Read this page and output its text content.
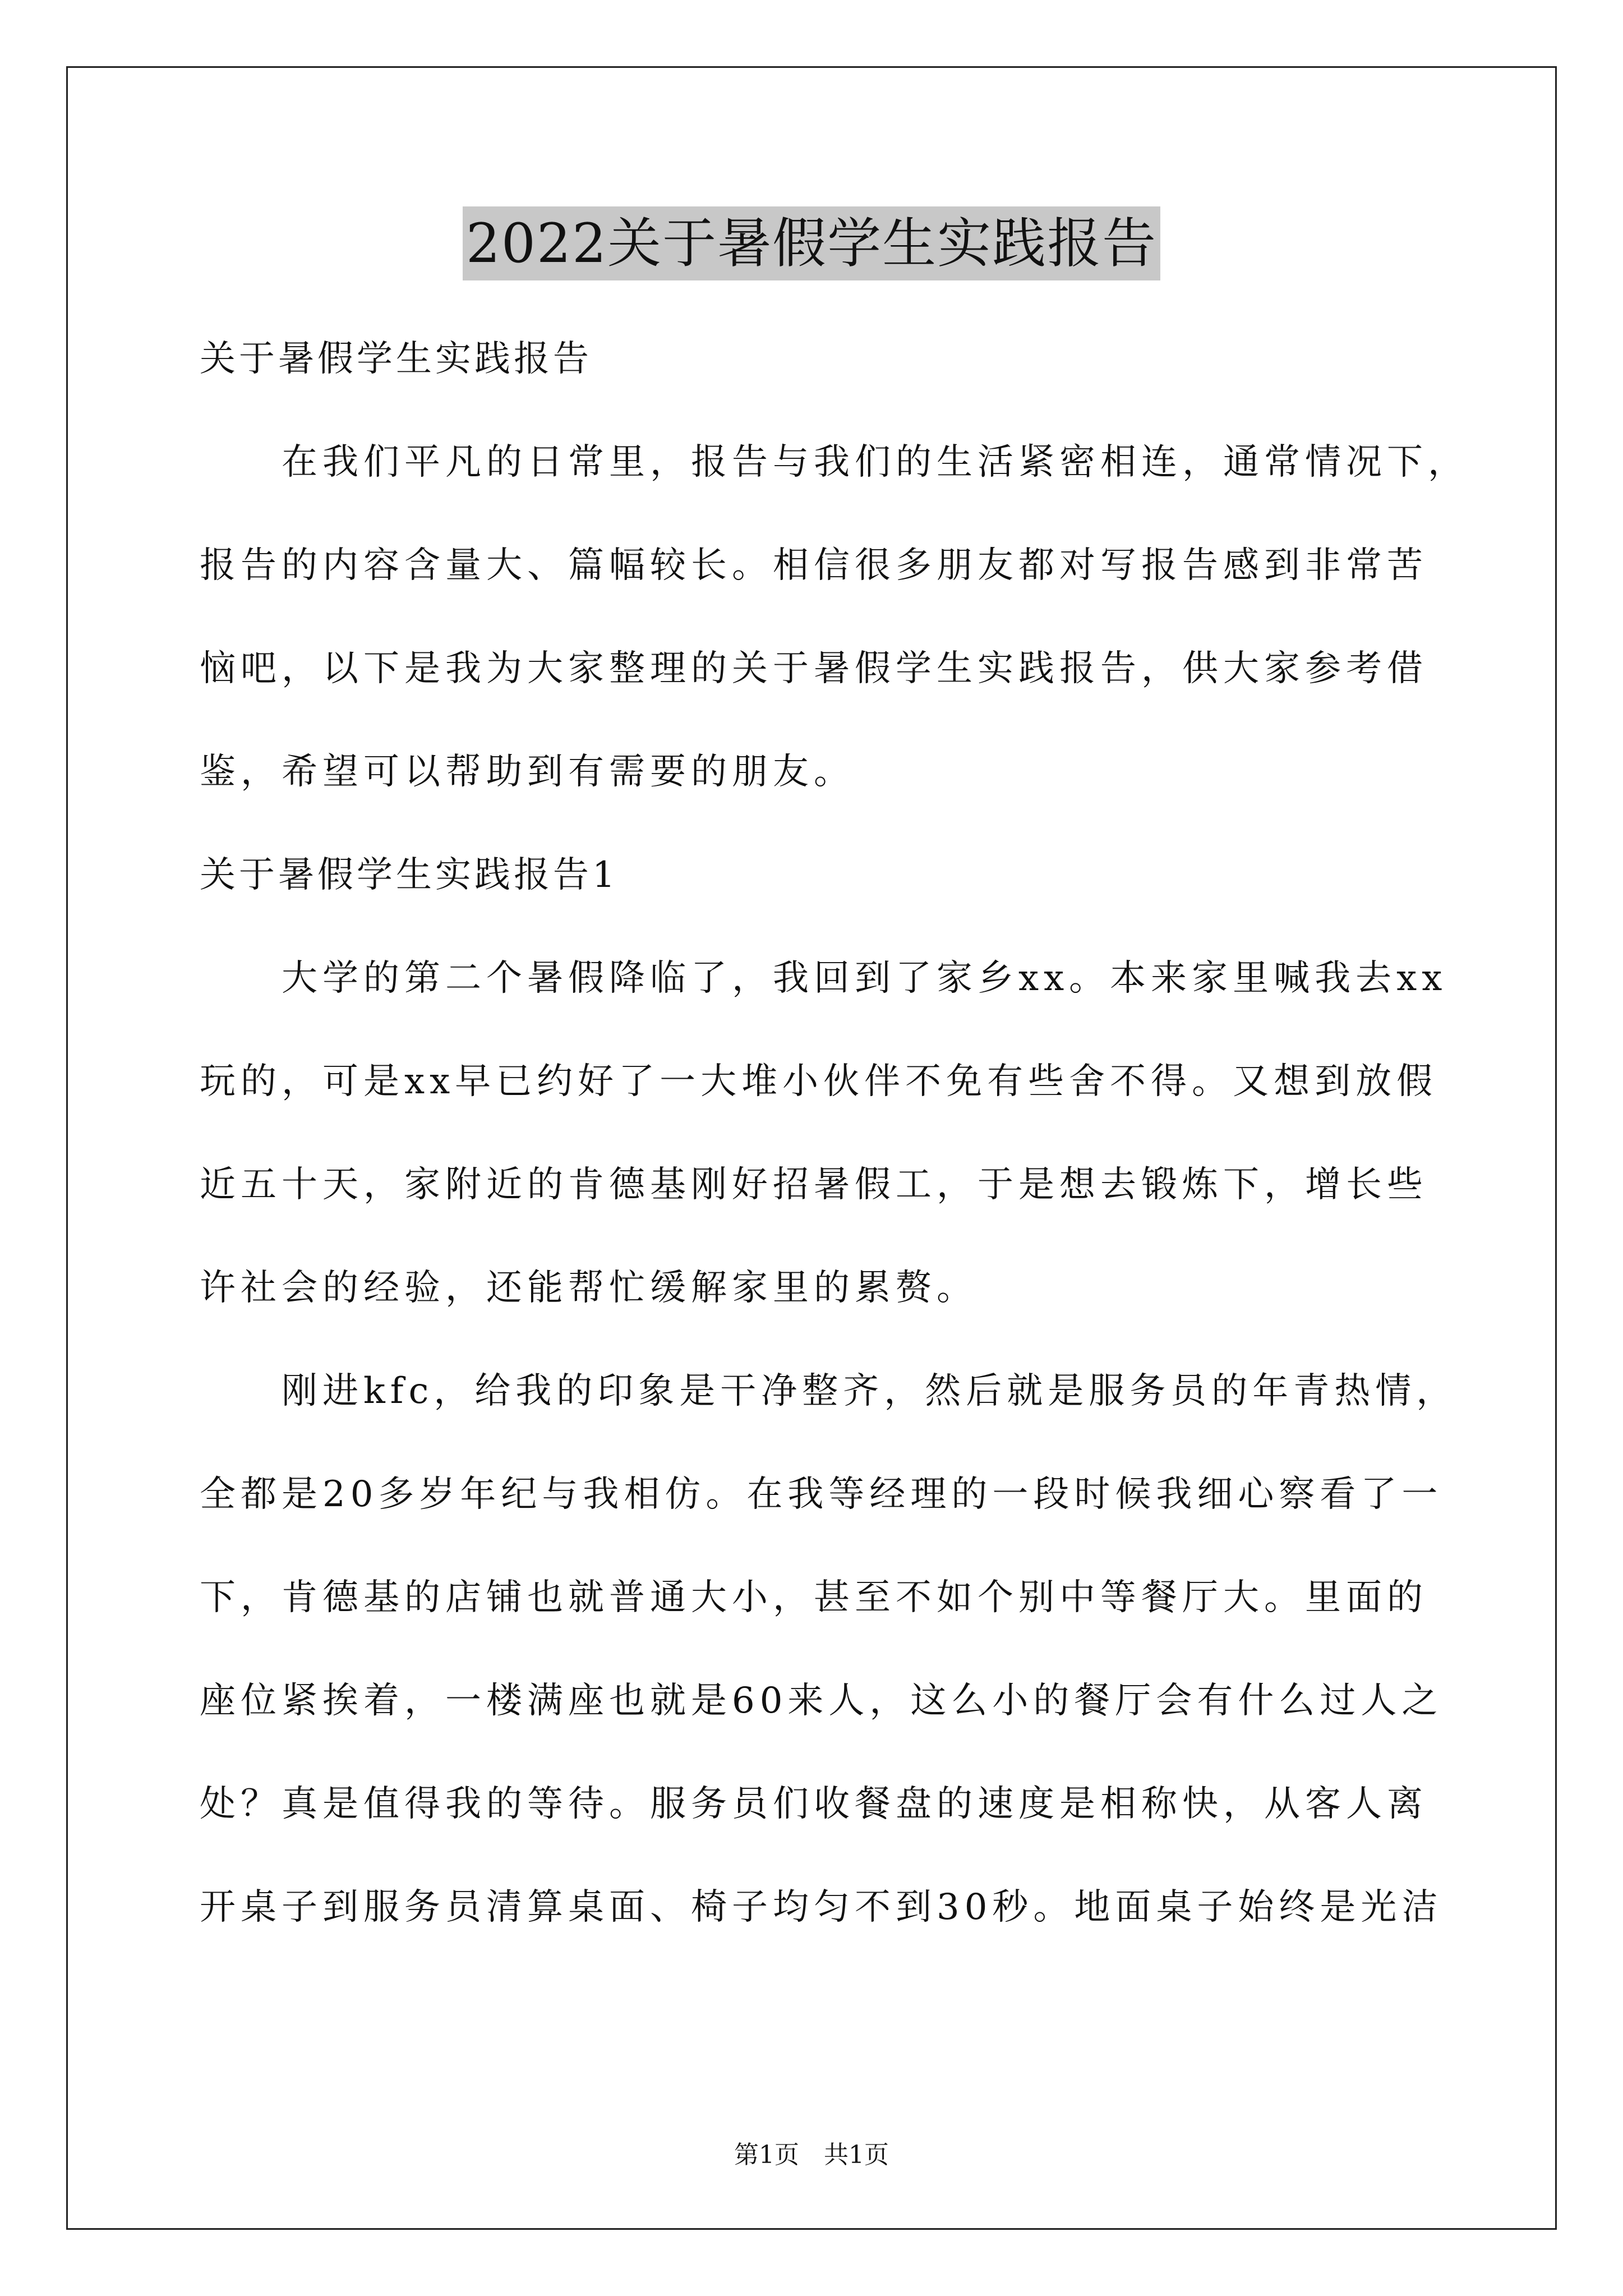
2022关于暑假学生实践报告
关于暑假学生实践报告
　　在我们平凡的日常里，报告与我们的生活紧密相连，通常情况下，
报告的内容含量大、篇幅较长。相信很多朋友都对写报告感到非常苦
恼吧，以下是我为大家整理的关于暑假学生实践报告，供大家参考借
鉴，希望可以帮助到有需要的朋友。
关于暑假学生实践报告1
　　大学的第二个暑假降临了，我回到了家乡xx。本来家里喊我去xx
玩的，可是xx早已约好了一大堆小伙伴不免有些舍不得。又想到放假
近五十天，家附近的肯德基刚好招暑假工，于是想去锻炼下，增长些
许社会的经验，还能帮忙缓解家里的累赘。
　　刚进kfc，给我的印象是干净整齐，然后就是服务员的年青热情，
全都是20多岁年纪与我相仿。在我等经理的一段时候我细心察看了一
下，肯德基的店铺也就普通大小，甚至不如个别中等餐厅大。里面的
座位紧挨着，一楼满座也就是60来人，这么小的餐厅会有什么过人之
处？真是值得我的等待。服务员们收餐盘的速度是相称快，从客人离
开桌子到服务员清算桌面、椅子均匀不到30秒。地面桌子始终是光洁
第1页　共1页
